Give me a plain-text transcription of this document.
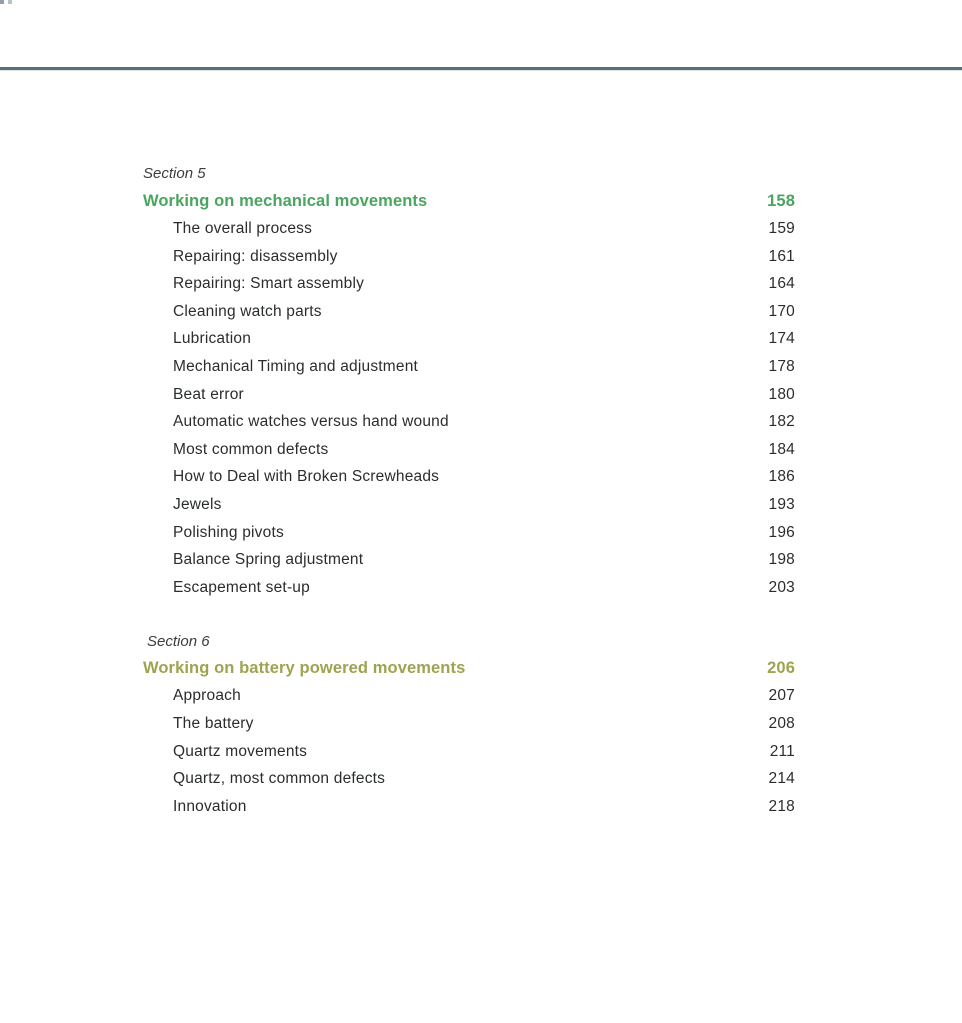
Section 5
Working on mechanical movements	158
The overall process	159
Repairing: disassembly	161
Repairing: Smart assembly	164
Cleaning watch parts	170
Lubrication	174
Mechanical Timing and adjustment	178
Beat error	180
Automatic watches versus hand wound	182
Most common defects	184
How to Deal with Broken Screwheads	186
Jewels	193
Polishing pivots	196
Balance Spring adjustment	198
Escapement set-up	203
Section 6
Working on battery powered movements	206
Approach	207
The battery	208
Quartz movements	211
Quartz, most common defects	214
Innovation	218
